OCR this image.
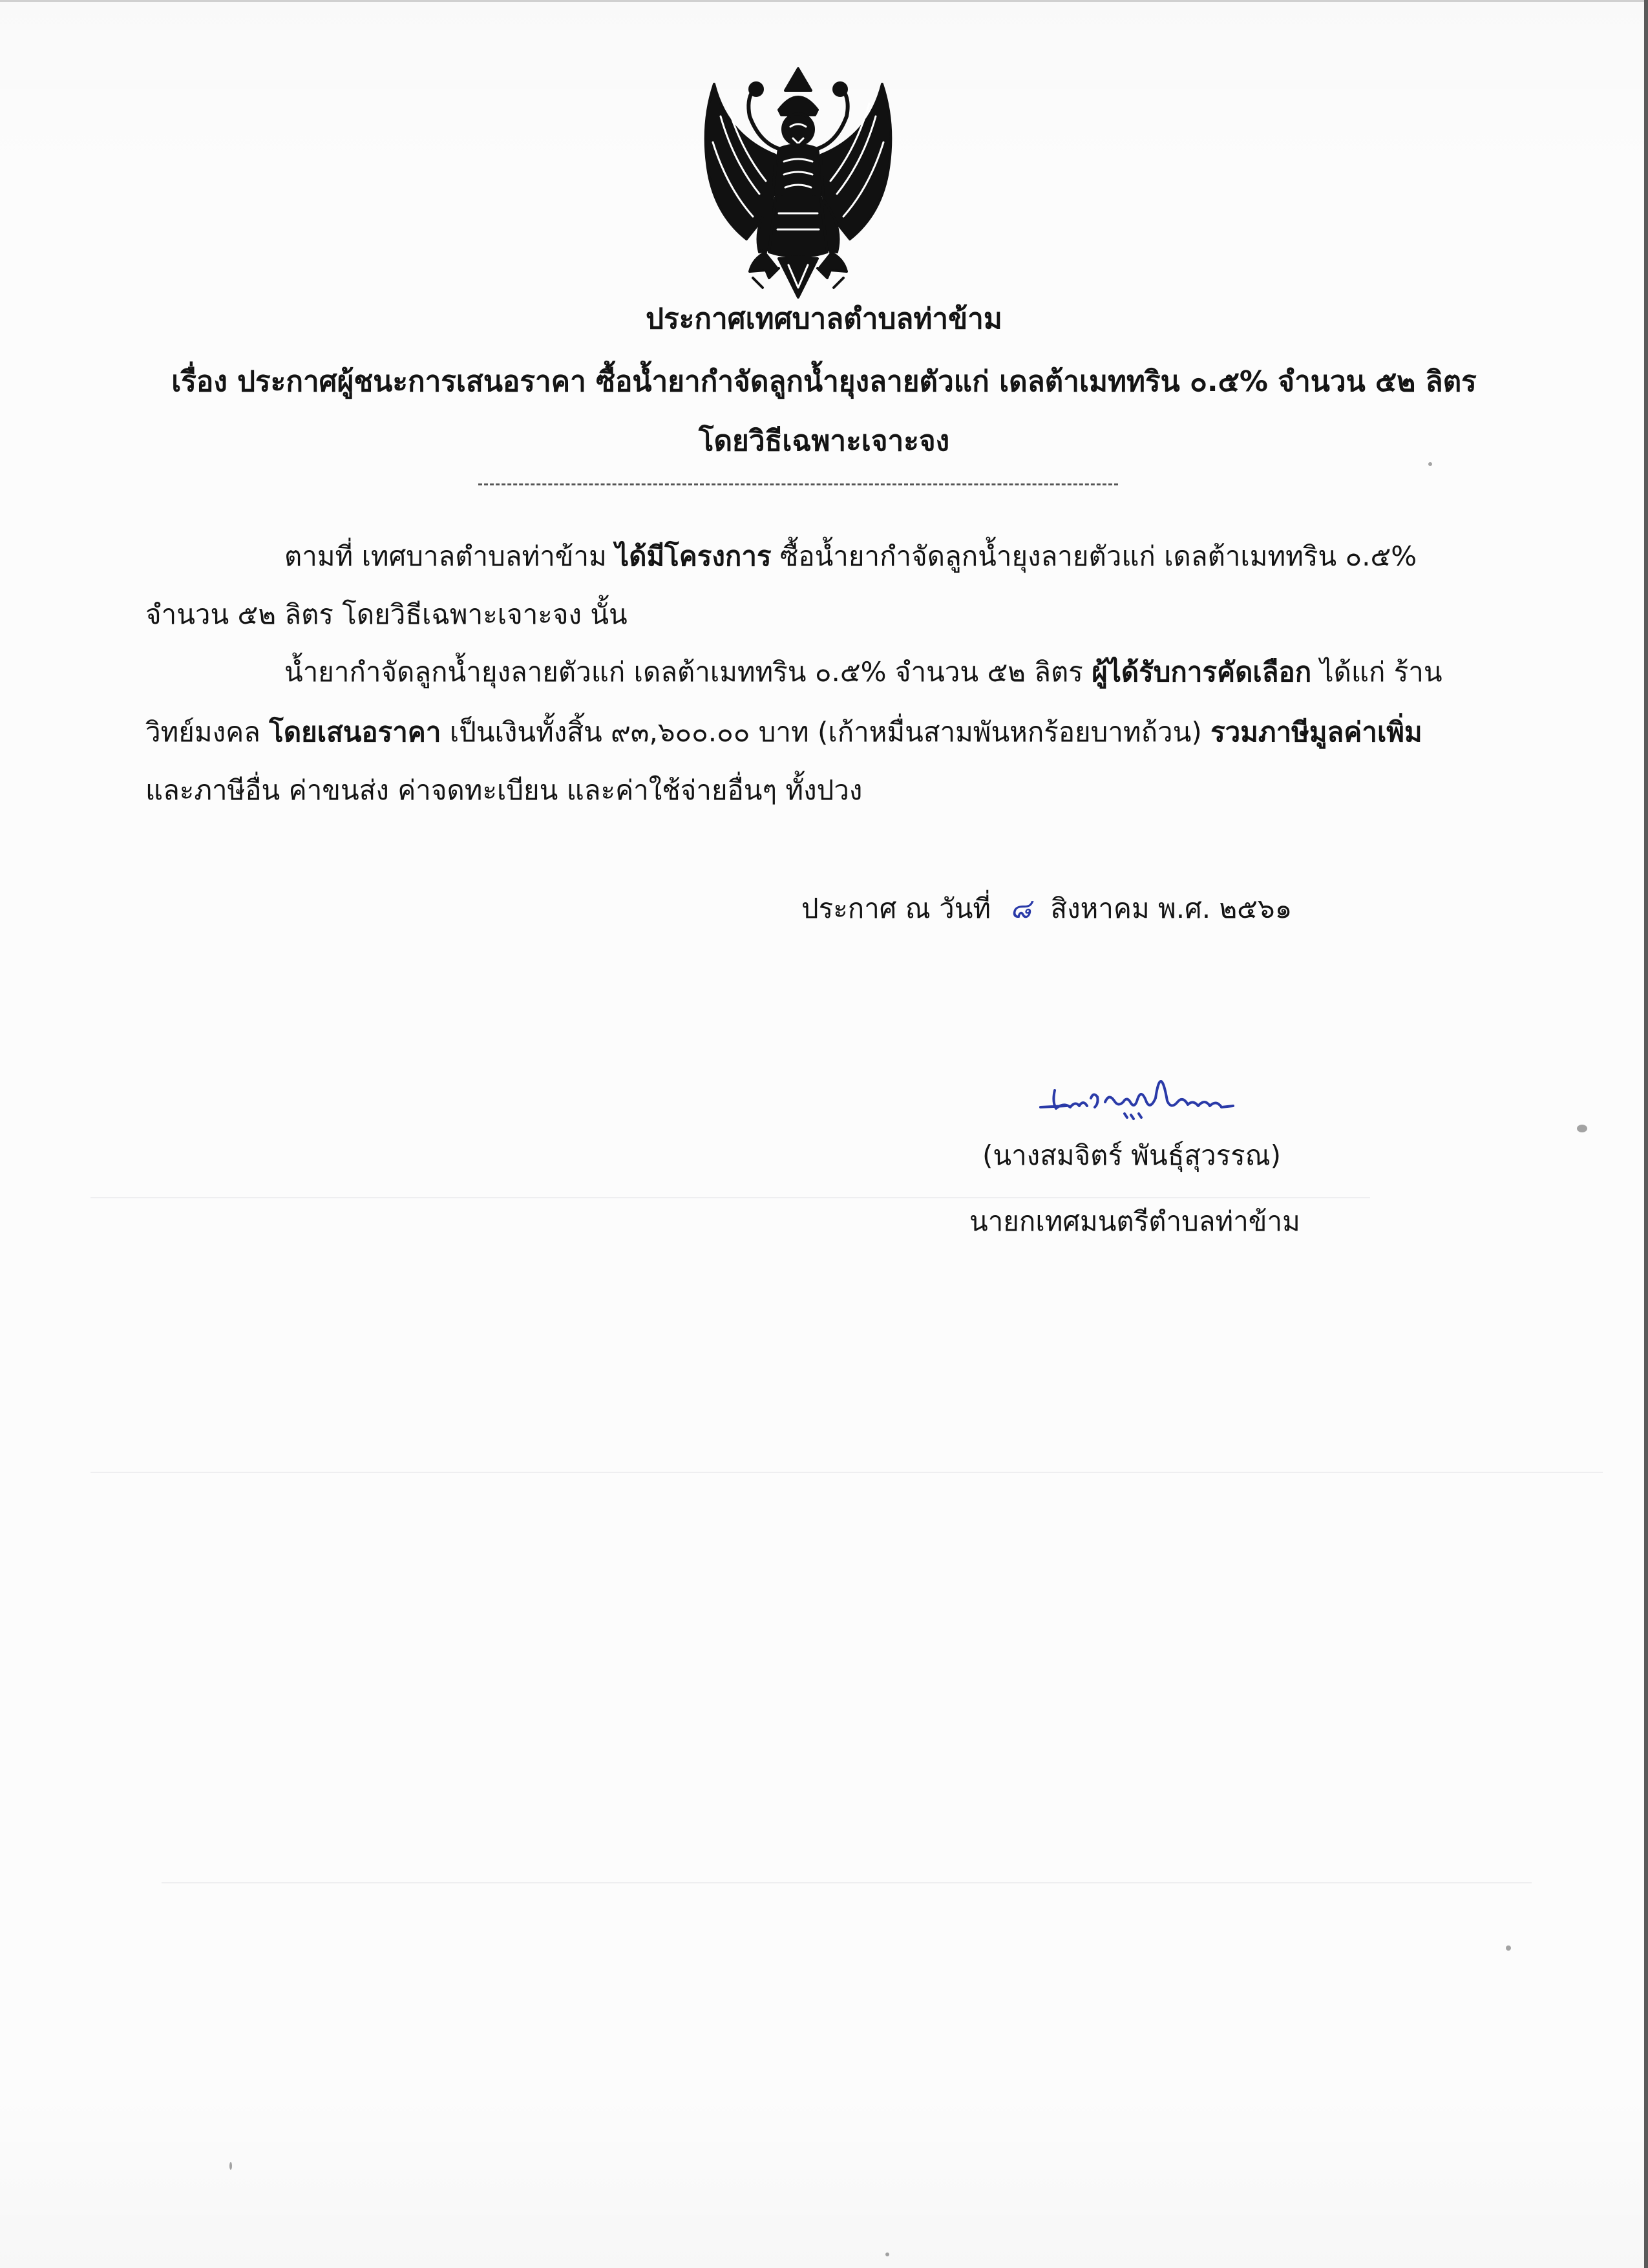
ประกาศเทศบาลตำบลท่าข้าม
เรื่อง ประกาศผู้ชนะการเสนอราคา ซื้อน้ำยากำจัดลูกน้ำยุงลายตัวแก่ เดลต้าเมททริน ๐.๕% จำนวน ๕๒ ลิตร
โดยวิธีเฉพาะเจาะจง
ตามที่ เทศบาลตำบลท่าข้าม ได้มีโครงการ ซื้อน้ำยากำจัดลูกน้ำยุงลายตัวแก่ เดลต้าเมททริน ๐.๕%
จำนวน ๕๒ ลิตร โดยวิธีเฉพาะเจาะจง นั้น
น้ำยากำจัดลูกน้ำยุงลายตัวแก่ เดลต้าเมททริน ๐.๕% จำนวน ๕๒ ลิตร ผู้ได้รับการคัดเลือก ได้แก่ ร้าน
วิทย์มงคล โดยเสนอราคา เป็นเงินทั้งสิ้น ๙๓,๖๐๐.๐๐ บาท (เก้าหมื่นสามพันหกร้อยบาทถ้วน) รวมภาษีมูลค่าเพิ่ม
และภาษีอื่น ค่าขนส่ง ค่าจดทะเบียน และค่าใช้จ่ายอื่นๆ ทั้งปวง
ประกาศ ณ วันที่ ๘ สิงหาคม พ.ศ. ๒๕๖๑
(นางสมจิตร์ พันธุ์สุวรรณ)
นายกเทศมนตรีตำบลท่าข้าม
